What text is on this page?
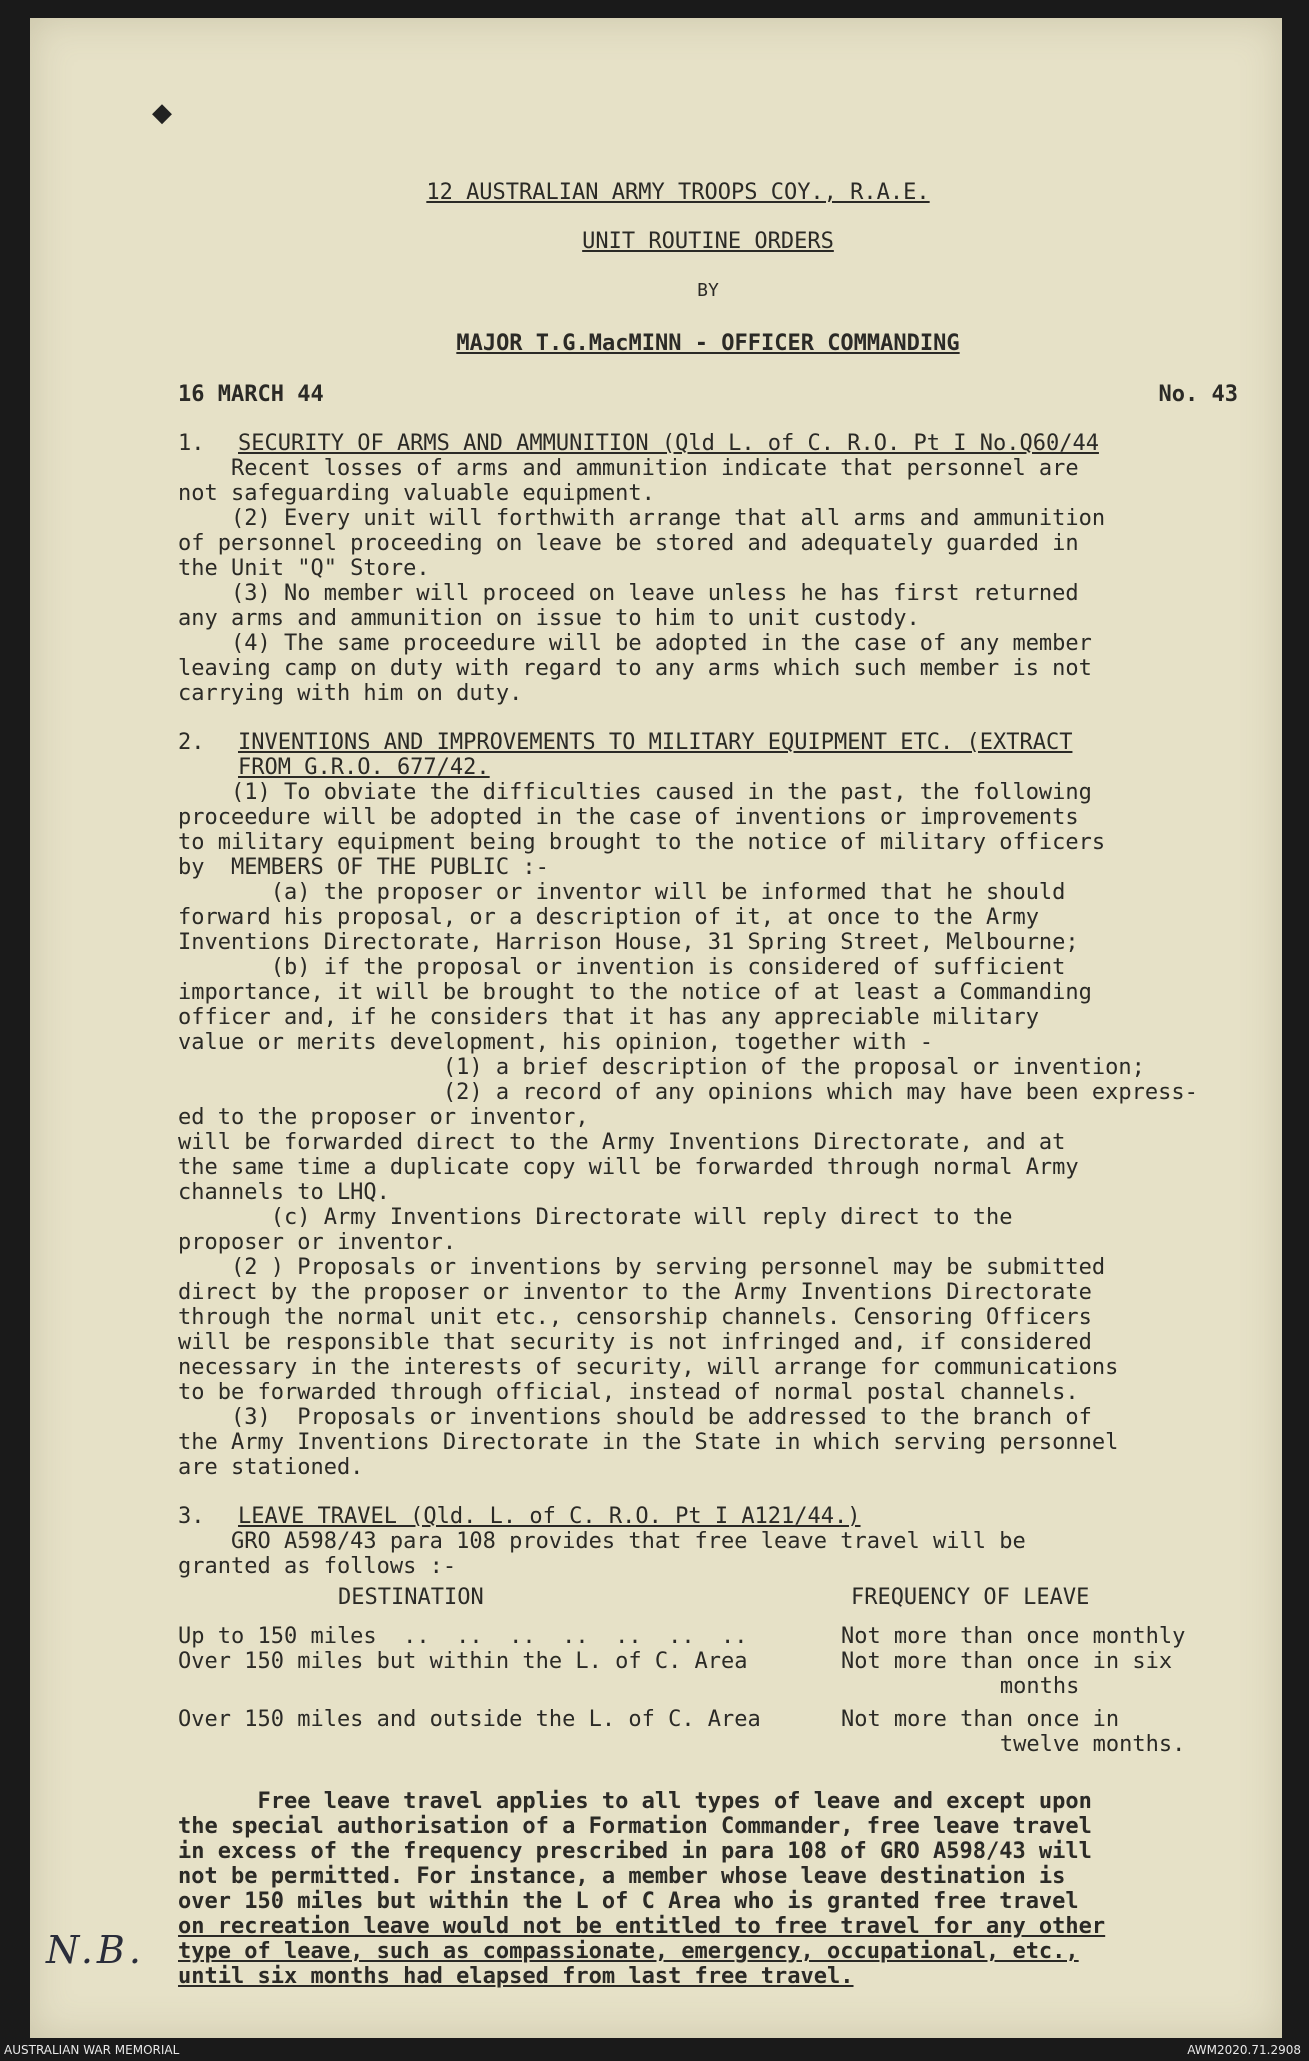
◆

12 AUSTRALIAN ARMY TROOPS COY., R.A.E.

UNIT ROUTINE ORDERS

BY

MAJOR T.G.MacMINN - OFFICER COMMANDING

16 MARCH 44	No. 43
1. SECURITY OF ARMS AND AMMUNITION (Qld L. of C. R.O. Pt I No.Q60/44

Recent losses of arms and ammunition indicate that personnel are

not safeguarding valuable equipment.

(2) Every unit will forthwith arrange that all arms and ammunition

of personnel proceeding on leave be stored and adequately guarded in

the Unit "Q" Store.

(3) No member will proceed on leave unless he has first returned

any arms and ammunition on issue to him to unit custody.

(4) The same proceedure will be adopted in the case of any member

leaving camp on duty with regard to any arms which such member is not

carrying with him on duty.

2. INVENTIONS AND IMPROVEMENTS TO MILITARY EQUIPMENT ETC. (EXTRACT
FROM G.R.O. 677/42.

(1) To obviate the difficulties caused in the past, the following

proceedure will be adopted in the case of inventions or improvements

to military equipment being brought to the notice of military officers

by  MEMBERS OF THE PUBLIC :-

(a) the proposer or inventor will be informed that he should

forward his proposal, or a description of it, at once to the Army

Inventions Directorate, Harrison House, 31 Spring Street, Melbourne;

(b) if the proposal or invention is considered of sufficient

importance, it will be brought to the notice of at least a Commanding

officer and, if he considers that it has any appreciable military

value or merits development, his opinion, together with -

(1) a brief description of the proposal or invention;

(2) a record of any opinions which may have been express-

ed to the proposer or inventor,

will be forwarded direct to the Army Inventions Directorate, and at

the same time a duplicate copy will be forwarded through normal Army

channels to LHQ.

(c) Army Inventions Directorate will reply direct to the

proposer or inventor.

(2 ) Proposals or inventions by serving personnel may be submitted

direct by the proposer or inventor to the Army Inventions Directorate

through the normal unit etc., censorship channels. Censoring Officers

will be responsible that security is not infringed and, if considered

necessary in the interests of security, will arrange for communications

to be forwarded through official, instead of normal postal channels.

(3)  Proposals or inventions should be addressed to the branch of

the Army Inventions Directorate in the State in which serving personnel

are stationed.

3. LEAVE TRAVEL (Qld. L. of C. R.O. Pt I A121/44.)

GRO A598/43 para 108 provides that free leave travel will be

granted as follows :-

DESTINATION	FREQUENCY OF LEAVE
Up to 150 miles  ..  ..  ..  ..  ..  ..  ..	Not more than once monthly
Over 150 miles but within the L. of C. Area	Not more than once in six
months
Over 150 miles and outside the L. of C. Area	Not more than once in
twelve months.

Free leave travel applies to all types of leave and except upon

the special authorisation of a Formation Commander, free leave travel

in excess of the frequency prescribed in para 108 of GRO A598/43 will

not be permitted. For instance, a member whose leave destination is

over 150 miles but within the L of C Area who is granted free travel

on recreation leave would not be entitled to free travel for any other

type of leave, such as compassionate, emergency, occupational, etc.,

until six months had elapsed from last free travel.

N.B.
AUSTRALIAN WAR MEMORIAL	AWM2020.71.2908
